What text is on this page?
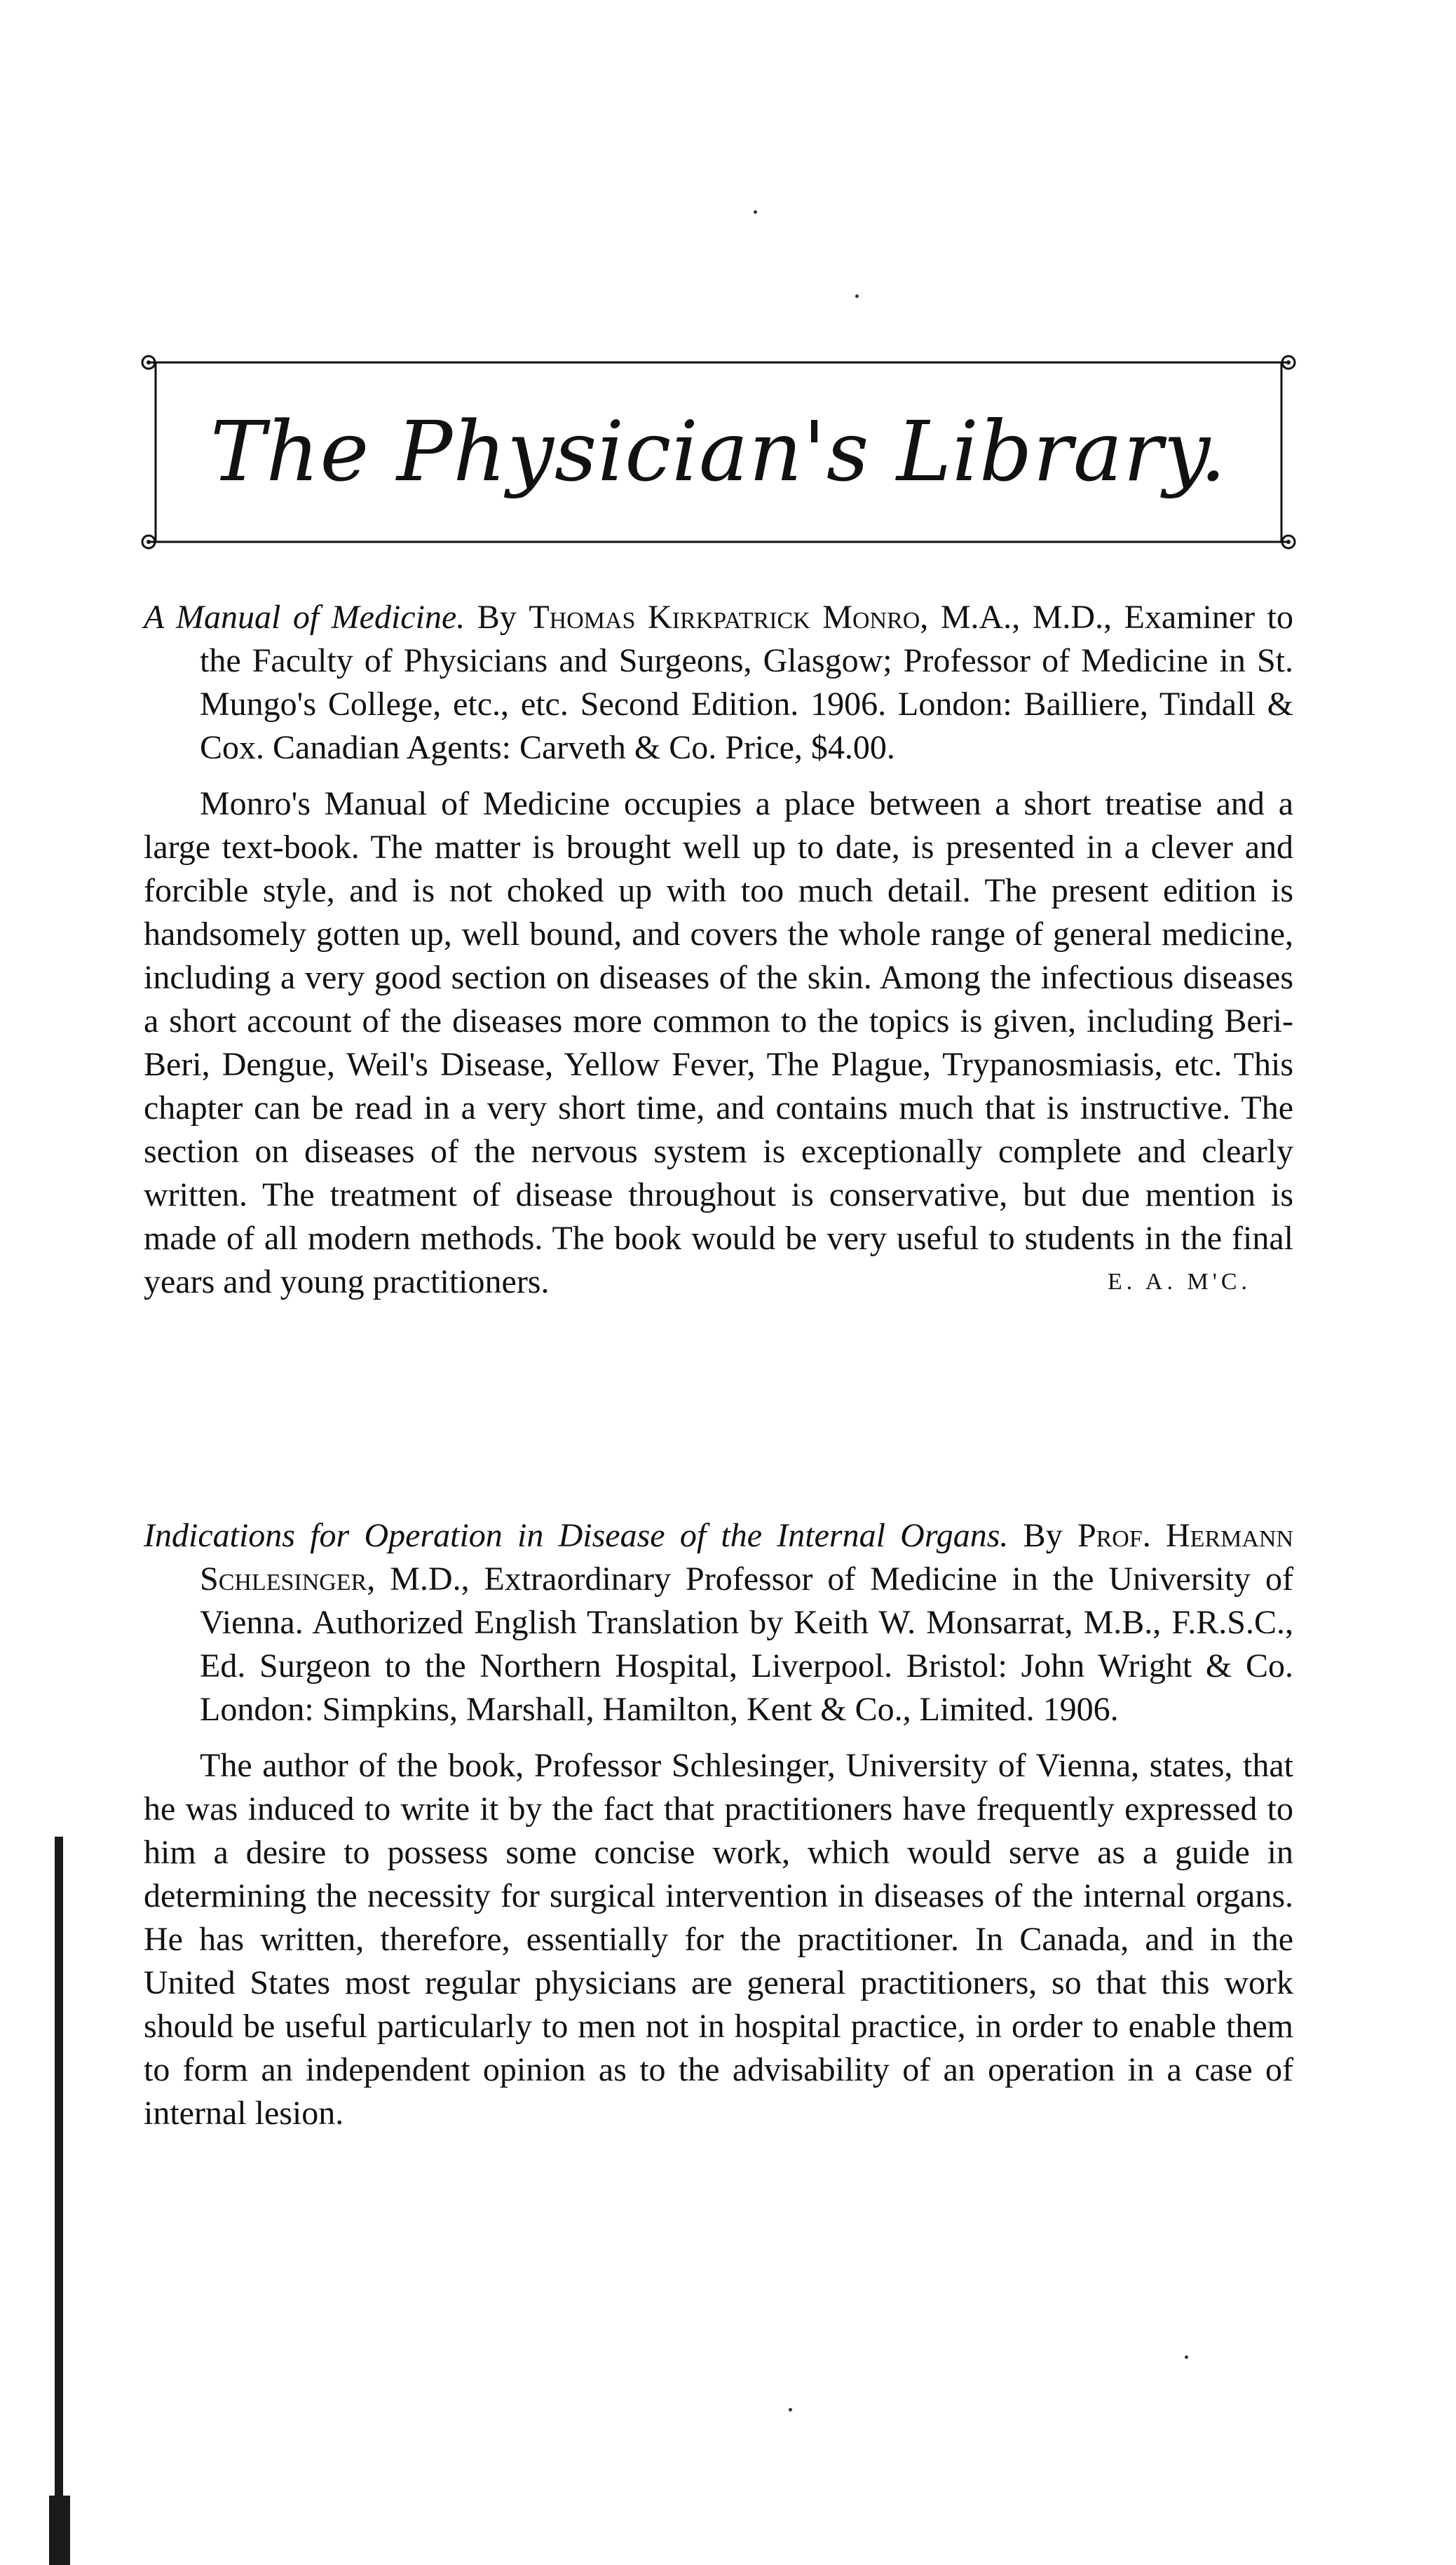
The Physician's Library.
A Manual of Medicine. By Thomas Kirkpatrick Monro, M.A., M.D., Examiner to the Faculty of Physicians and Surgeons, Glasgow; Professor of Medicine in St. Mungo's College, etc., etc. Second Edition. 1906. London: Bailliere, Tindall & Cox. Canadian Agents: Carveth & Co. Price, $4.00.
Monro's Manual of Medicine occupies a place between a short treatise and a large text-book. The matter is brought well up to date, is presented in a clever and forcible style, and is not choked up with too much detail. The present edition is handsomely gotten up, well bound, and covers the whole range of general medicine, including a very good section on diseases of the skin. Among the infectious diseases a short account of the diseases more common to the topics is given, including Beri-Beri, Dengue, Weil's Disease, Yellow Fever, The Plague, Trypanosmiasis, etc. This chapter can be read in a very short time, and contains much that is instructive. The section on diseases of the nervous system is exceptionally complete and clearly written. The treatment of disease throughout is conservative, but due mention is made of all modern methods. The book would be very useful to students in the final years and young practitioners.	E. A. M'C.
Indications for Operation in Disease of the Internal Organs. By Prof. Hermann Schlesinger, M.D., Extraordinary Professor of Medicine in the University of Vienna. Authorized English Translation by Keith W. Monsarrat, M.B., F.R.S.C., Ed. Surgeon to the Northern Hospital, Liverpool. Bristol: John Wright & Co. London: Simpkins, Marshall, Hamilton, Kent & Co., Limited. 1906.
The author of the book, Professor Schlesinger, University of Vienna, states, that he was induced to write it by the fact that practitioners have frequently expressed to him a desire to possess some concise work, which would serve as a guide in determining the necessity for surgical intervention in diseases of the internal organs. He has written, therefore, essentially for the practitioner. In Canada, and in the United States most regular physicians are general practitioners, so that this work should be useful particularly to men not in hospital practice, in order to enable them to form an independent opinion as to the advisability of an operation in a case of internal lesion.
